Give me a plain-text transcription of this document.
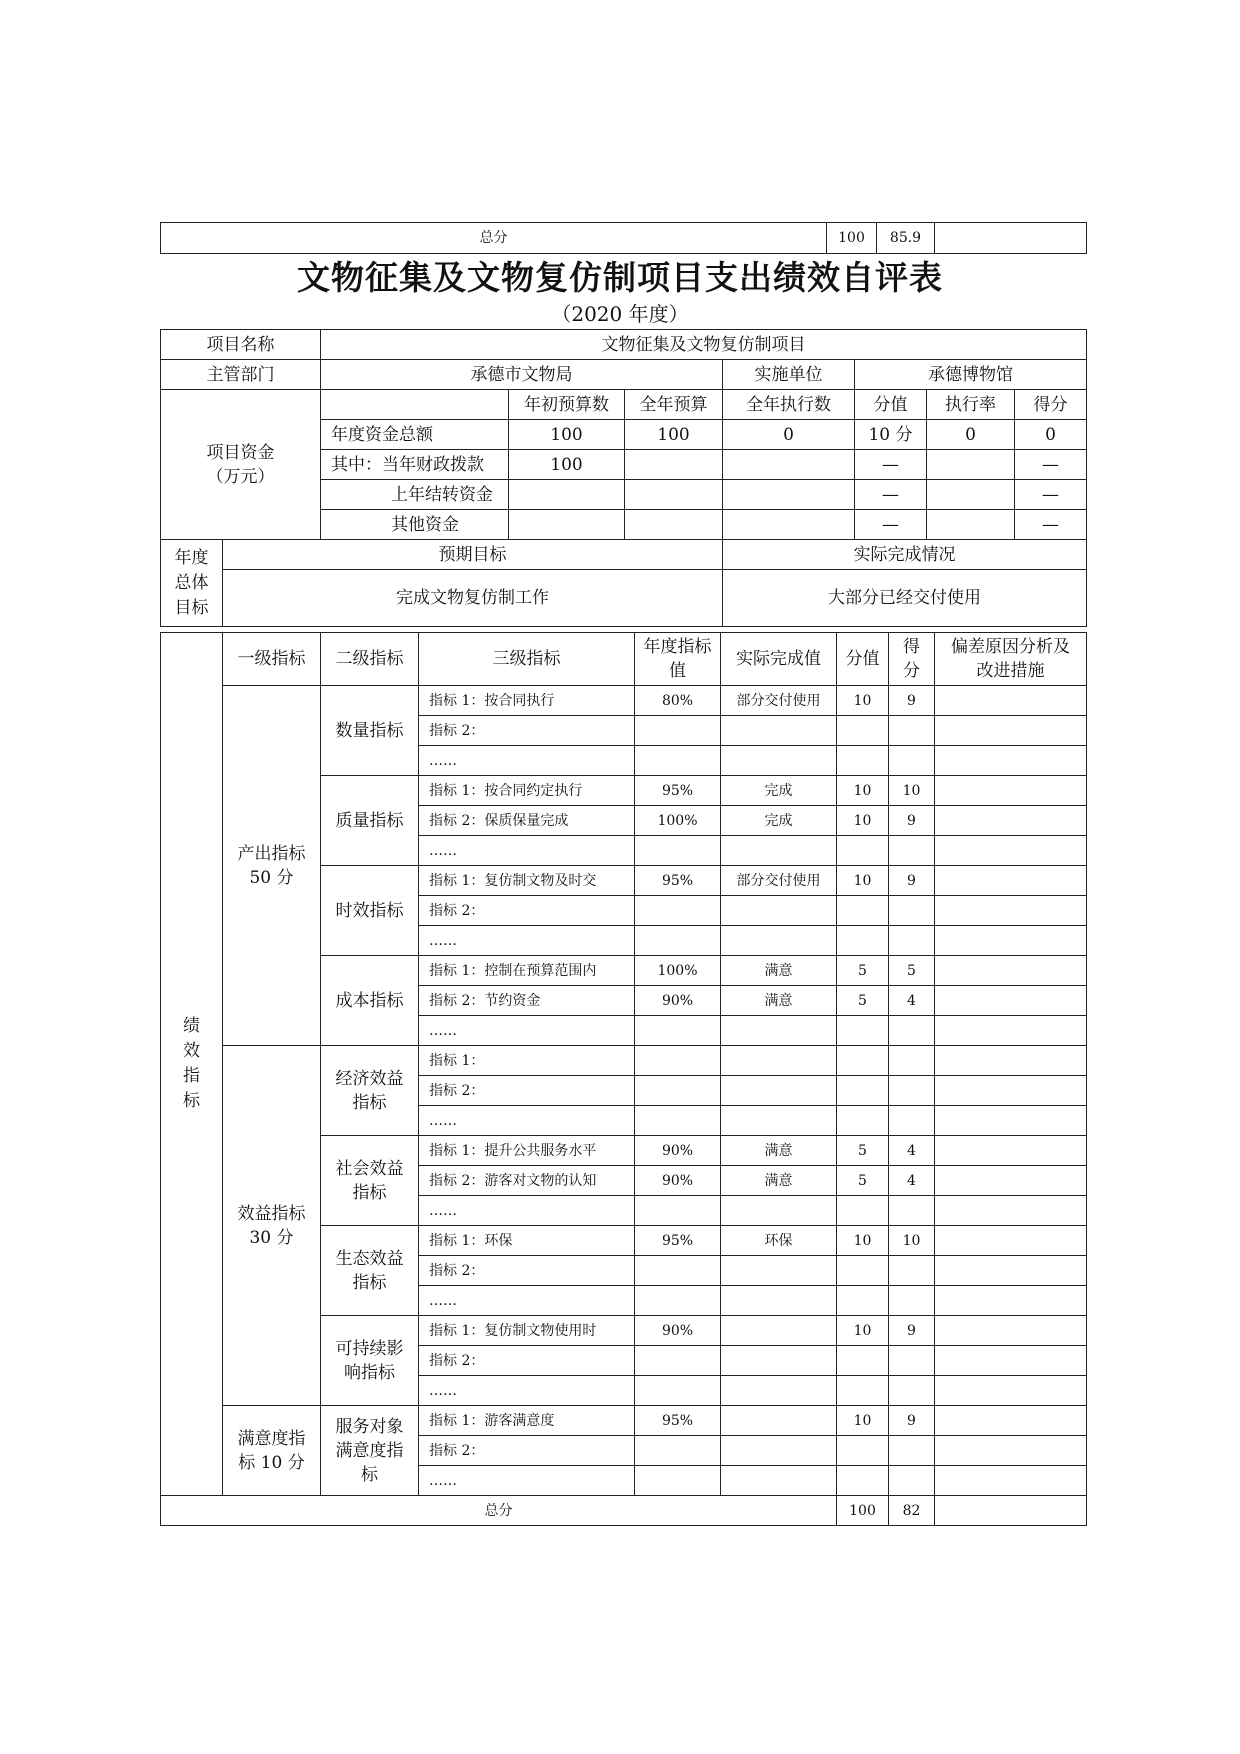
总分	100	85.9	
文物征集及文物复仿制项目支出绩效自评表
（2020 年度）
项目名称		文物征集及文物复仿制项目						
主管部门		承德市文物局			实施单位	承德博物馆		
项目资金（万元）			年初预算数	全年预算	全年执行数	分值	执行率	得分
		年度资金总额	100	100	0	10 分	0	0
		其中：当年财政拨款	100			—		—
		上年结转资金				—		—
		其他资金				—		—
年度总体目标	预期目标				实际完成情况			
	完成文物复仿制工作				大部分已经交付使用			
绩效指标	一级指标	二级指标	三级指标	年度指标值	实际完成值	分值	得分	偏差原因分析及改进措施
	产出指标 50 分	数量指标	指标 1：按合同执行	80%	部分交付使用	10	9	
			指标 2：					
			……					
		质量指标	指标 1：按合同约定执行	95%	完成	10	10	
			指标 2：保质保量完成	100%	完成	10	9	
			……					
		时效指标	指标 1：复仿制文物及时交	95%	部分交付使用	10	9	
			指标 2：					
			……					
		成本指标	指标 1：控制在预算范围内	100%	满意	5	5	
			指标 2：节约资金	90%	满意	5	4	
			……					
	效益指标 30 分	经济效益指标	指标 1：					
			指标 2：					
			……					
		社会效益指标	指标 1：提升公共服务水平	90%	满意	5	4	
			指标 2：游客对文物的认知	90%	满意	5	4	
			……					
		生态效益指标	指标 1：环保	95%	环保	10	10	
			指标 2：					
			……					
		可持续影响指标	指标 1：复仿制文物使用时	90%		10	9	
			指标 2：					
			……					
	满意度指标 10 分	服务对象满意度指标	指标 1：游客满意度	95%		10	9	
			指标 2：					
			……					
总分						100	82	
